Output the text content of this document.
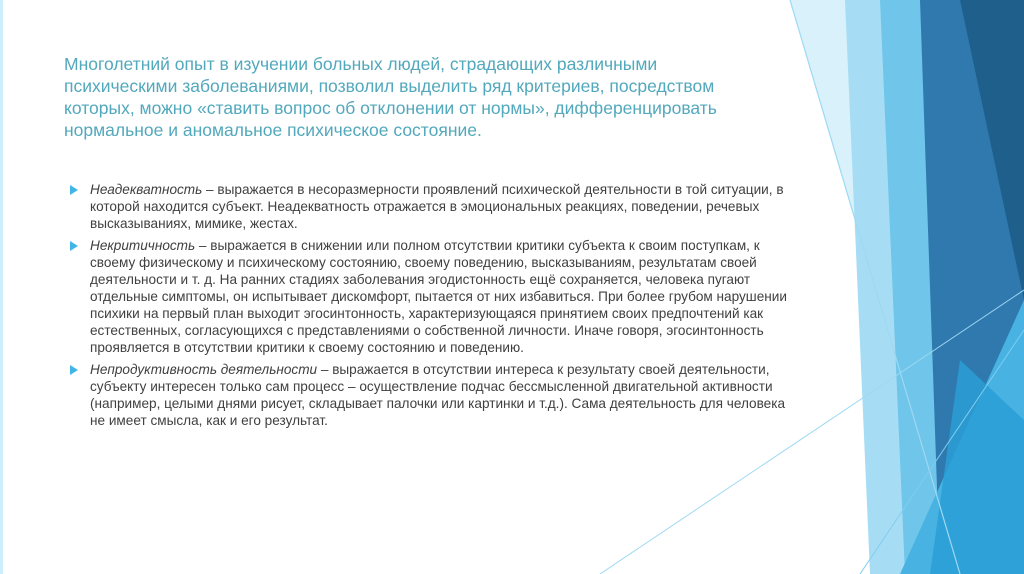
Многолетний опыт в изучении больных людей, страдающих различными психическими заболеваниями, позволил выделить ряд критериев, посредством которых, можно «ставить вопрос об отклонении от нормы», дифференцировать нормальное и аномальное психическое состояние.
Неадекватность – выражается в несоразмерности проявлений психической деятельности в той ситуации, в которой находится субъект. Неадекватность отражается в эмоциональных реакциях, поведении, речевых высказываниях, мимике, жестах.
Некритичность – выражается в снижении или полном отсутствии критики субъекта к своим поступкам, к своему физическому и психическому состоянию, своему поведению, высказываниям, результатам своей деятельности и т. д. На ранних стадиях заболевания эгодистонность ещё сохраняется, человека пугают отдельные симптомы, он испытывает дискомфорт, пытается от них избавиться. При более грубом нарушении психики на первый план выходит эгосинтонность, характеризующаяся принятием своих предпочтений как естественных, согласующихся с представлениями о собственной личности. Иначе говоря, эгосинтонность проявляется в отсутствии критики к своему состоянию и поведению.
Непродуктивность деятельности – выражается в отсутствии интереса к результату своей деятельности, субъекту интересен только сам процесс – осуществление подчас бессмысленной двигательной активности (например, целыми днями рисует, складывает палочки или картинки и т.д.). Сама деятельность для человека не имеет смысла, как и его результат.
